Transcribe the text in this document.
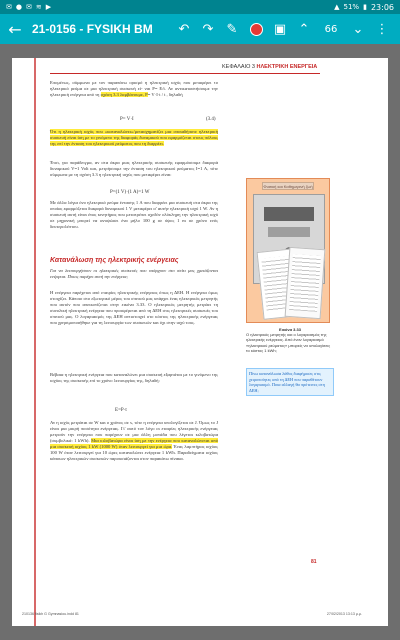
✉ ● ✉ ≋ ▶	▲ 51% ▮ 23:06
← 21-0156 - FYSIKH BM	↶	↷	✎	▣ ⌃	66	⌄ ⋮
ΚΕΦΑΛΑΙΟ 3 ΗΛΕΚΤΡΙΚΗ ΕΝΕΡΓΕΙΑ
Επομένως, σύμφωνα με τον παραπάνω ορισμό η ηλεκτρική ισχύς που μεταφέρει το ηλεκτρικό ρεύμα σε μια ηλεκτρική συσκευή εί- ναι P= E/t. Αν αντικαταστήσουμε την ηλεκτρική ενέργεια από τη σχέση 3.3 λαμβάνουμε, P= V·I·t / t , δηλαδή
P= V·I	(3.4)
Ότι η ηλεκτρική ισχύς που «καταναλώνει»/μετασχηματίζει μια οποιαδήποτε ηλεκτρική συσκευή είναι ίση με το γινόμενο της διαφοράς δυναμικού που εφαρμόζεται στους πόλους της επί την ένταση του ηλεκτρικού ρεύματος που τη διαρρέει.
Έτσι, για παράδειγμα, αν στα άκρα μιας ηλεκτρικής συσκευής εφαρμόσουμε διαφορά δυναμικού V=1 Volt και, μετρήσουμε την ένταση του ηλεκτρικού ρεύματος I=1 A, τότε σύμφωνα με τη σχέση 3.3 η ηλεκτρική ισχύς που μεταφέρει είναι:
P=(1 V)·(1 A)=1 W
Με άλλα λόγια όνο ηλεκτρικό ρεύμα έντασης 1 A που διαρρέει μια συσκευή στα άκρα της οποίας εφαρμόζεται διαφορά δυναμικού 1 V μεταφέρει σ' αυτήν ηλεκτρική ισχύ 1 W. Αν η συσκευή αυτή είναι ένας κινητήρας που μετατρέπει σχεδόν ολόκληρη την ηλεκτρική ισχύ σε μηχανική μπορεί να ανυψώσει ένα μήλο 100 g σε ύψος 1 m σε χρόνο ενός δευτερολέπτου.
Κατανάλωση της ηλεκτρικής ενέργειας
Για να λειτουργήσουν οι ηλεκτρικές συσκευές που υπάρχουν στο σπίτι μας χρειάζονται ενέργεια. Ποιος παρέχει αυτή την ενέργεια;
Η ενέργεια παρέχεται από εταιρίες ηλεκτρικής ενέργειας όπως η ΔΕΗ. Η ενέργεια όμως στοιχίζει. Κάποιο στο εξωτερικό μέρος του σπιτιού μας υπάρχει ένας ηλεκτρικός μετρητής που αυτόν που απεικονίζεται στην εικόνα 3.33. Ο ηλεκτρικός μετρητής μετράει τη συνολική ηλεκτρική ενέργεια που προσφέρεται από τη ΔΕΗ στις ηλεκτρικές συσκευές του σπιτιού μας. Ο λογαριασμός της ΔΕΗ αντιστοιχεί στο κόστος της ηλεκτρικής ενέργειας που χρησιμοποιήθηκε για τη λειτουργία των συσκευών και όχι στην ισχύ τους.
Βέβαια η ηλεκτρική ενέργεια που καταναλώνει μια συσκευή εξαρτάται με το γινόμενο της ισχύος της συσκευής επί το χρόνο λειτουργίας της, δηλαδή:
E=P·t
Αν η ισχύς μετράται σε W και ο χρόνος σε s, τότε η ενέργεια υπολογίζεται σε J. Όμως το J είναι μια μικρή ποσότητα ενέργειας. Γι' αυτό τον λόγο οι εταιρίες ηλεκτρικής ενέργειας μετρούν την ενέργεια που παρέχουν σε μια άλλη μονάδα που λέγεται κιλοβατώρα (συμβολικά: 1 kWh). Μια κιλοβατώρα είναι ίση με την ενέργεια που καταναλώνεται από μια συσκευή ισχύος 1 kW (1000 W) όταν λειτουργεί για μια ώρα. Ένας λαμπτήρας ισχύος 100 W όταν λειτουργεί για 10 ώρες καταναλώνει ενέργεια 1 kWh. Παραδείγματα ισχύος κάποιων ηλεκτρικών συσκευών παρουσιάζονται στον παρακάτω πίνακα.
Φυσική και Καθημερινή ζωή
Εικόνα 3.33
Ο ηλεκτρικός μετρητής και ο λογαριασμός της ηλεκτρικής ενέργειας. Από έναν λογαριασμό «ηλεκτρικού ρεύματος» μπορείς να υπολογίσεις το κόστος 1 kWh;
Πίνω κατανάλωσα λάθος διαφήμισες στις χειροποίητες από τη ΔΕΗ που παραθέτουν λογαριασμό. Ποια αλλαγή θα πρότεινες στη ΔΕΗ;
81
210136 fisikh G Gymnasiou.indd 81	27/02/2013 13:13 μ.μ.
